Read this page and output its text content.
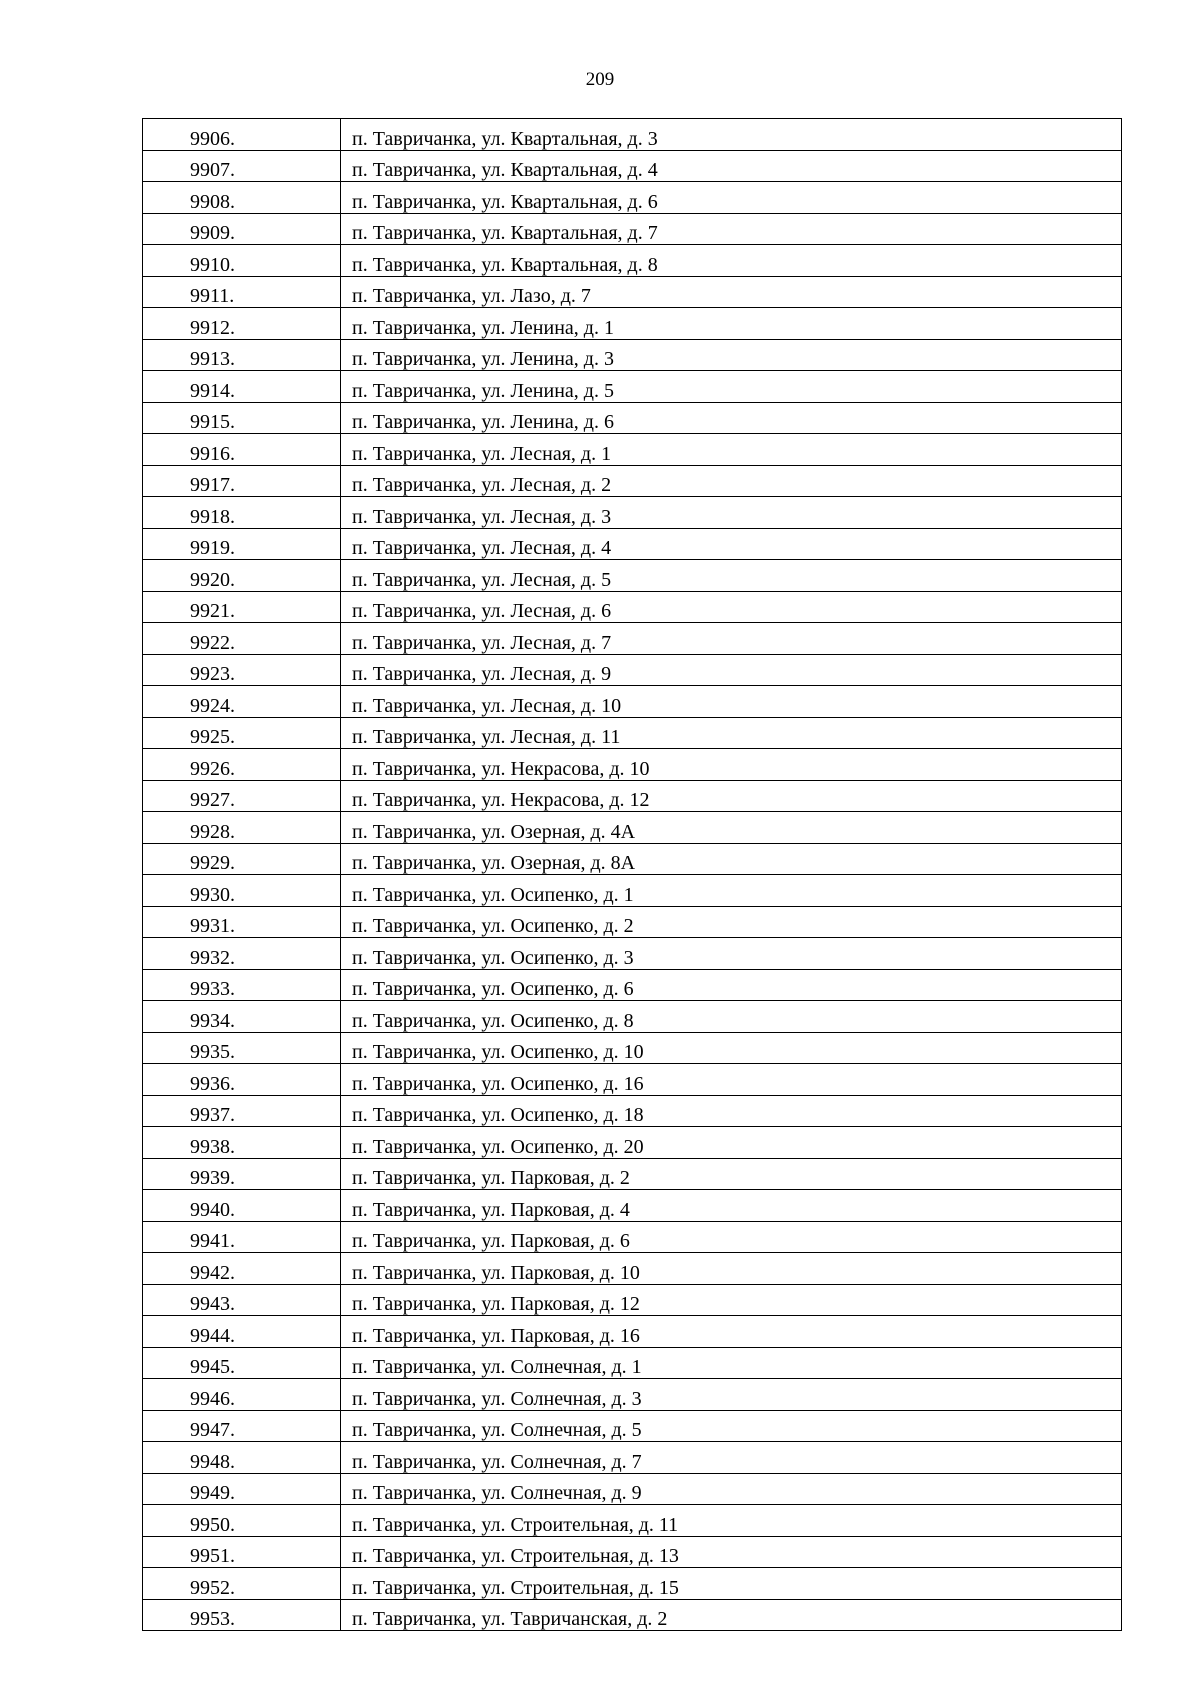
209
9906.	п. Тавричанка, ул. Квартальная, д. 3
9907.	п. Тавричанка, ул. Квартальная, д. 4
9908.	п. Тавричанка, ул. Квартальная, д. 6
9909.	п. Тавричанка, ул. Квартальная, д. 7
9910.	п. Тавричанка, ул. Квартальная, д. 8
9911.	п. Тавричанка, ул. Лазо, д. 7
9912.	п. Тавричанка, ул. Ленина, д. 1
9913.	п. Тавричанка, ул. Ленина, д. 3
9914.	п. Тавричанка, ул. Ленина, д. 5
9915.	п. Тавричанка, ул. Ленина, д. 6
9916.	п. Тавричанка, ул. Лесная, д. 1
9917.	п. Тавричанка, ул. Лесная, д. 2
9918.	п. Тавричанка, ул. Лесная, д. 3
9919.	п. Тавричанка, ул. Лесная, д. 4
9920.	п. Тавричанка, ул. Лесная, д. 5
9921.	п. Тавричанка, ул. Лесная, д. 6
9922.	п. Тавричанка, ул. Лесная, д. 7
9923.	п. Тавричанка, ул. Лесная, д. 9
9924.	п. Тавричанка, ул. Лесная, д. 10
9925.	п. Тавричанка, ул. Лесная, д. 11
9926.	п. Тавричанка, ул. Некрасова, д. 10
9927.	п. Тавричанка, ул. Некрасова, д. 12
9928.	п. Тавричанка, ул. Озерная, д. 4А
9929.	п. Тавричанка, ул. Озерная, д. 8А
9930.	п. Тавричанка, ул. Осипенко, д. 1
9931.	п. Тавричанка, ул. Осипенко, д. 2
9932.	п. Тавричанка, ул. Осипенко, д. 3
9933.	п. Тавричанка, ул. Осипенко, д. 6
9934.	п. Тавричанка, ул. Осипенко, д. 8
9935.	п. Тавричанка, ул. Осипенко, д. 10
9936.	п. Тавричанка, ул. Осипенко, д. 16
9937.	п. Тавричанка, ул. Осипенко, д. 18
9938.	п. Тавричанка, ул. Осипенко, д. 20
9939.	п. Тавричанка, ул. Парковая, д. 2
9940.	п. Тавричанка, ул. Парковая, д. 4
9941.	п. Тавричанка, ул. Парковая, д. 6
9942.	п. Тавричанка, ул. Парковая, д. 10
9943.	п. Тавричанка, ул. Парковая, д. 12
9944.	п. Тавричанка, ул. Парковая, д. 16
9945.	п. Тавричанка, ул. Солнечная, д. 1
9946.	п. Тавричанка, ул. Солнечная, д. 3
9947.	п. Тавричанка, ул. Солнечная, д. 5
9948.	п. Тавричанка, ул. Солнечная, д. 7
9949.	п. Тавричанка, ул. Солнечная, д. 9
9950.	п. Тавричанка, ул. Строительная, д. 11
9951.	п. Тавричанка, ул. Строительная, д. 13
9952.	п. Тавричанка, ул. Строительная, д. 15
9953.	п. Тавричанка, ул. Тавричанская, д. 2
